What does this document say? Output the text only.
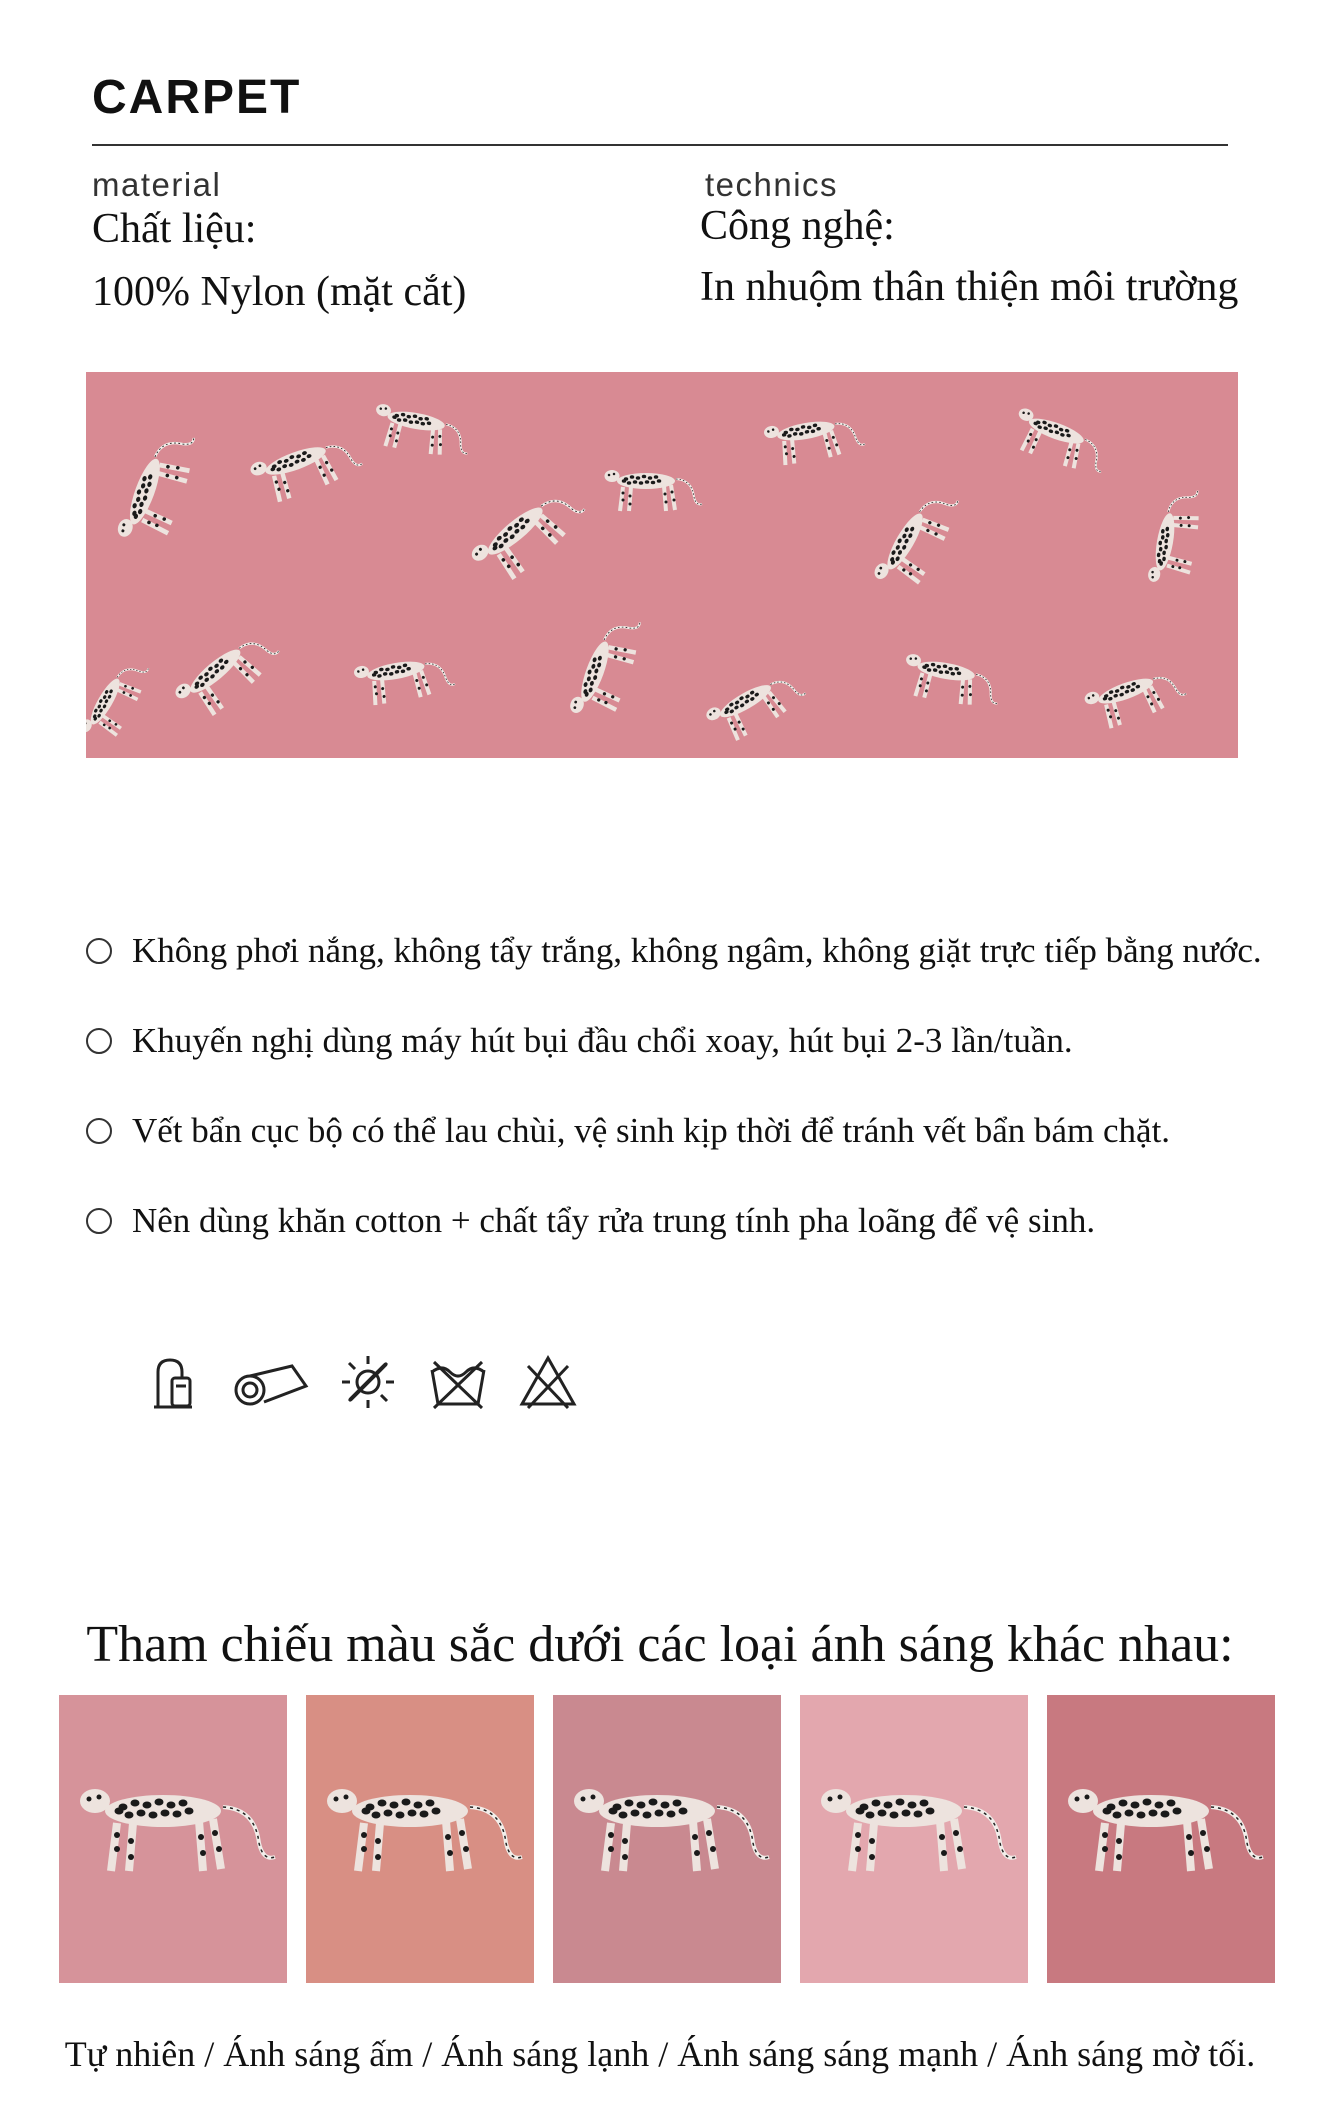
CARPET
material
Chất liệu:
100% Nylon (mặt cắt)
technics
Công nghệ:
In nhuộm thân thiện môi trường
Không phơi nắng, không tẩy trắng, không ngâm, không giặt trực tiếp bằng nước.
Khuyến nghị dùng máy hút bụi đầu chổi xoay, hút bụi 2-3 lần/tuần.
Vết bẩn cục bộ có thể lau chùi, vệ sinh kịp thời để tránh vết bẩn bám chặt.
Nên dùng khăn cotton + chất tẩy rửa trung tính pha loãng để vệ sinh.
Tham chiếu màu sắc dưới các loại ánh sáng khác nhau:
Tự nhiên / Ánh sáng ấm / Ánh sáng lạnh / Ánh sáng sáng mạnh / Ánh sáng mờ tối.
